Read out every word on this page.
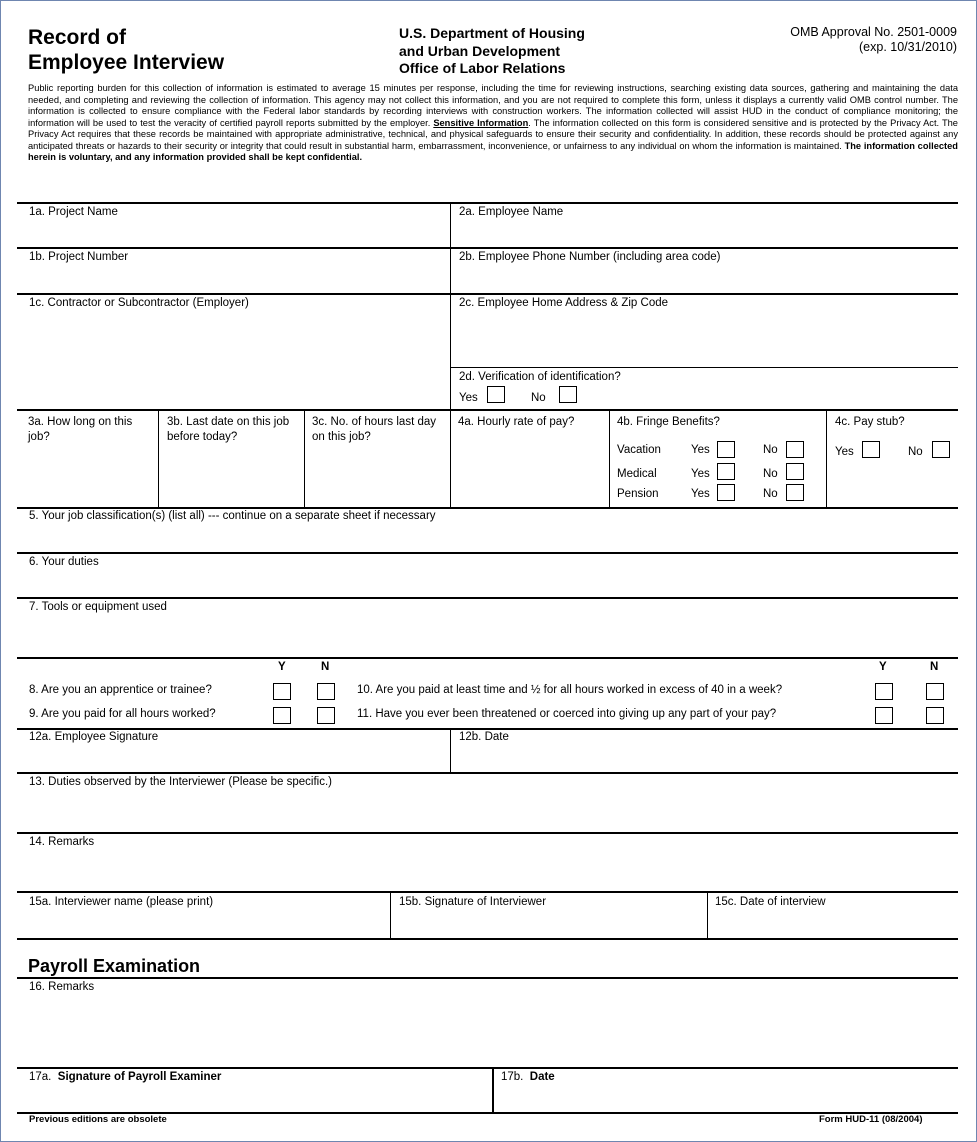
Record of
Employee Interview
U.S. Department of Housing
and Urban Development
Office of Labor Relations
OMB Approval No. 2501-0009
(exp. 10/31/2010)
Public reporting burden for this collection of information is estimated to average 15 minutes per response, including the time for reviewing instructions, searching existing data sources, gathering and maintaining the data needed, and completing and reviewing the collection of information. This agency may not collect this information, and you are not required to complete this form, unless it displays a currently valid OMB control number. The information is collected to ensure compliance with the Federal labor standards by recording interviews with construction workers. The information collected will assist HUD in the conduct of compliance monitoring; the information will be used to test the veracity of certified payroll reports submitted by the employer. Sensitive Information. The information collected on this form is considered sensitive and is protected by the Privacy Act. The Privacy Act requires that these records be maintained with appropriate administrative, technical, and physical safeguards to ensure their security and confidentiality. In addition, these records should be protected against any anticipated threats or hazards to their security or integrity that could result in substantial harm, embarrassment, inconvenience, or unfairness to any individual on whom the information is maintained. The information collected herein is voluntary, and any information provided shall be kept confidential.
1a. Project Name	2a. Employee Name
1b. Project Number	2b. Employee Phone Number (including area code)
1c. Contractor or Subcontractor (Employer)	2c. Employee Home Address & Zip Code
2d. Verification of identification?
Yes	No
3a. How long on this job?
3b. Last date on this job before today?
3c. No. of hours last day on this job?
4a. Hourly rate of pay?	4b. Fringe Benefits?	4c. Pay stub?
Vacation	Yes	No
Medical	Yes	No
Pension	Yes	No
Yes	No
5. Your job classification(s) (list all) --- continue on a separate sheet if necessary
6. Your duties
7. Tools or equipment used
Y	N	Y	N
8. Are you an apprentice or trainee?
9. Are you paid for all hours worked?
10. Are you paid at least time and ½ for all hours worked in excess of 40 in a week?
11. Have you ever been threatened or coerced into giving up any part of your pay?
12a. Employee Signature	12b. Date
13. Duties observed by the Interviewer (Please be specific.)
14. Remarks
15a. Interviewer name (please print)	15b. Signature of Interviewer	15c. Date of interview
Payroll Examination
16. Remarks
17a. Signature of Payroll Examiner	17b. Date
Previous editions are obsolete	Form HUD-11 (08/2004)
